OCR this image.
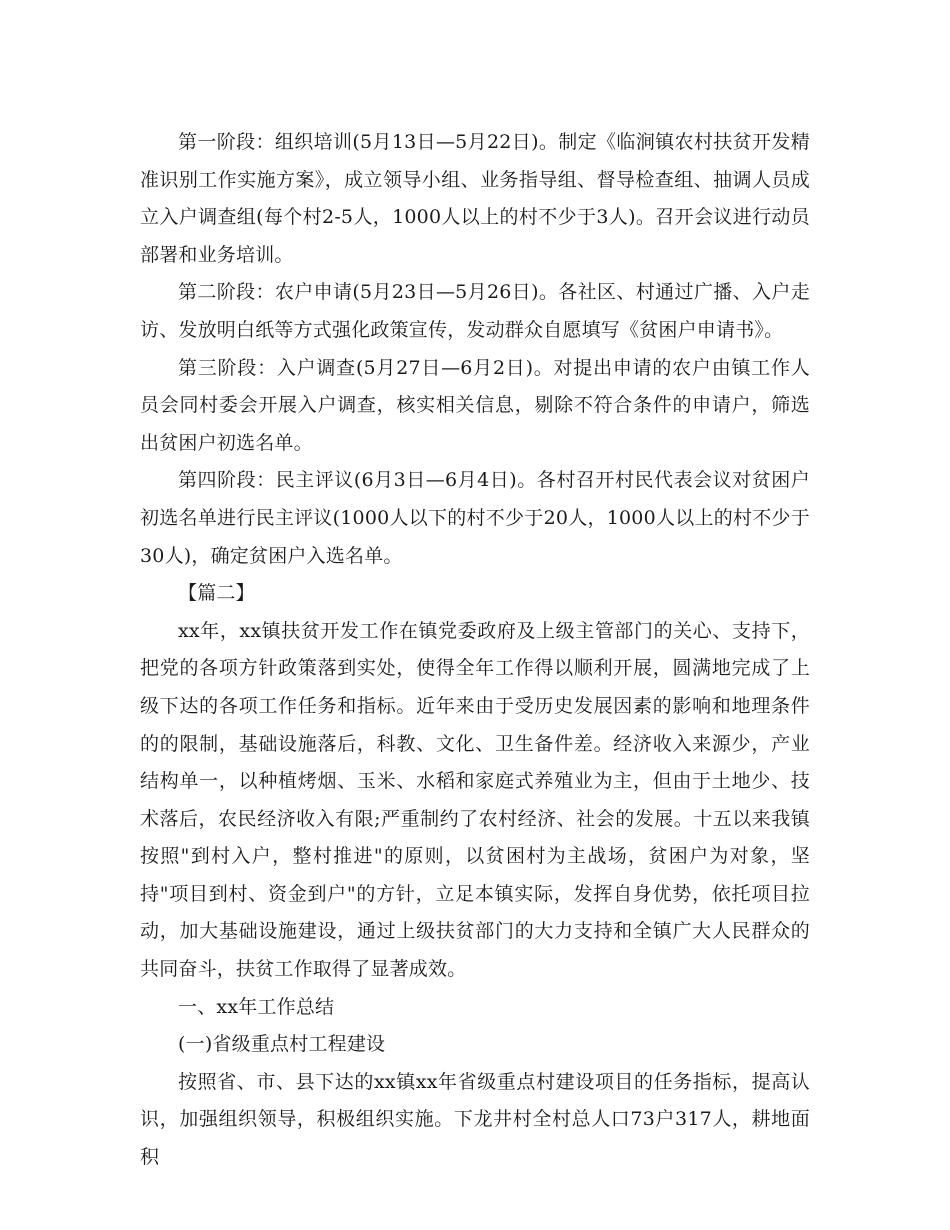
第一阶段：组织培训(5月13日—5月22日)。制定《临涧镇农村扶贫开发精准识别工作实施方案》，成立领导小组、业务指导组、督导检查组、抽调人员成立入户调查组(每个村2-5人，1000人以上的村不少于3人)。召开会议进行动员部署和业务培训。

第二阶段：农户申请(5月23日—5月26日)。各社区、村通过广播、入户走访、发放明白纸等方式强化政策宣传，发动群众自愿填写《贫困户申请书》。

第三阶段：入户调查(5月27日—6月2日)。对提出申请的农户由镇工作人员会同村委会开展入户调查，核实相关信息，剔除不符合条件的申请户，筛选出贫困户初选名单。

第四阶段：民主评议(6月3日—6月4日)。各村召开村民代表会议对贫困户初选名单进行民主评议(1000人以下的村不少于20人，1000人以上的村不少于30人)，确定贫困户入选名单。

【篇二】

xx年，xx镇扶贫开发工作在镇党委政府及上级主管部门的关心、支持下，把党的各项方针政策落到实处，使得全年工作得以顺利开展，圆满地完成了上级下达的各项工作任务和指标。近年来由于受历史发展因素的影响和地理条件的的限制，基础设施落后，科教、文化、卫生备件差。经济收入来源少，产业结构单一，以种植烤烟、玉米、水稻和家庭式养殖业为主，但由于土地少、技术落后，农民经济收入有限;严重制约了农村经济、社会的发展。十五以来我镇按照"到村入户，整村推进"的原则，以贫困村为主战场，贫困户为对象，坚持"项目到村、资金到户"的方针，立足本镇实际，发挥自身优势，依托项目拉动，加大基础设施建设，通过上级扶贫部门的大力支持和全镇广大人民群众的共同奋斗，扶贫工作取得了显著成效。

一、xx年工作总结

(一)省级重点村工程建设

按照省、市、县下达的xx镇xx年省级重点村建设项目的任务指标，提高认识，加强组织领导，积极组织实施。下龙井村全村总人口73户317人，耕地面积
